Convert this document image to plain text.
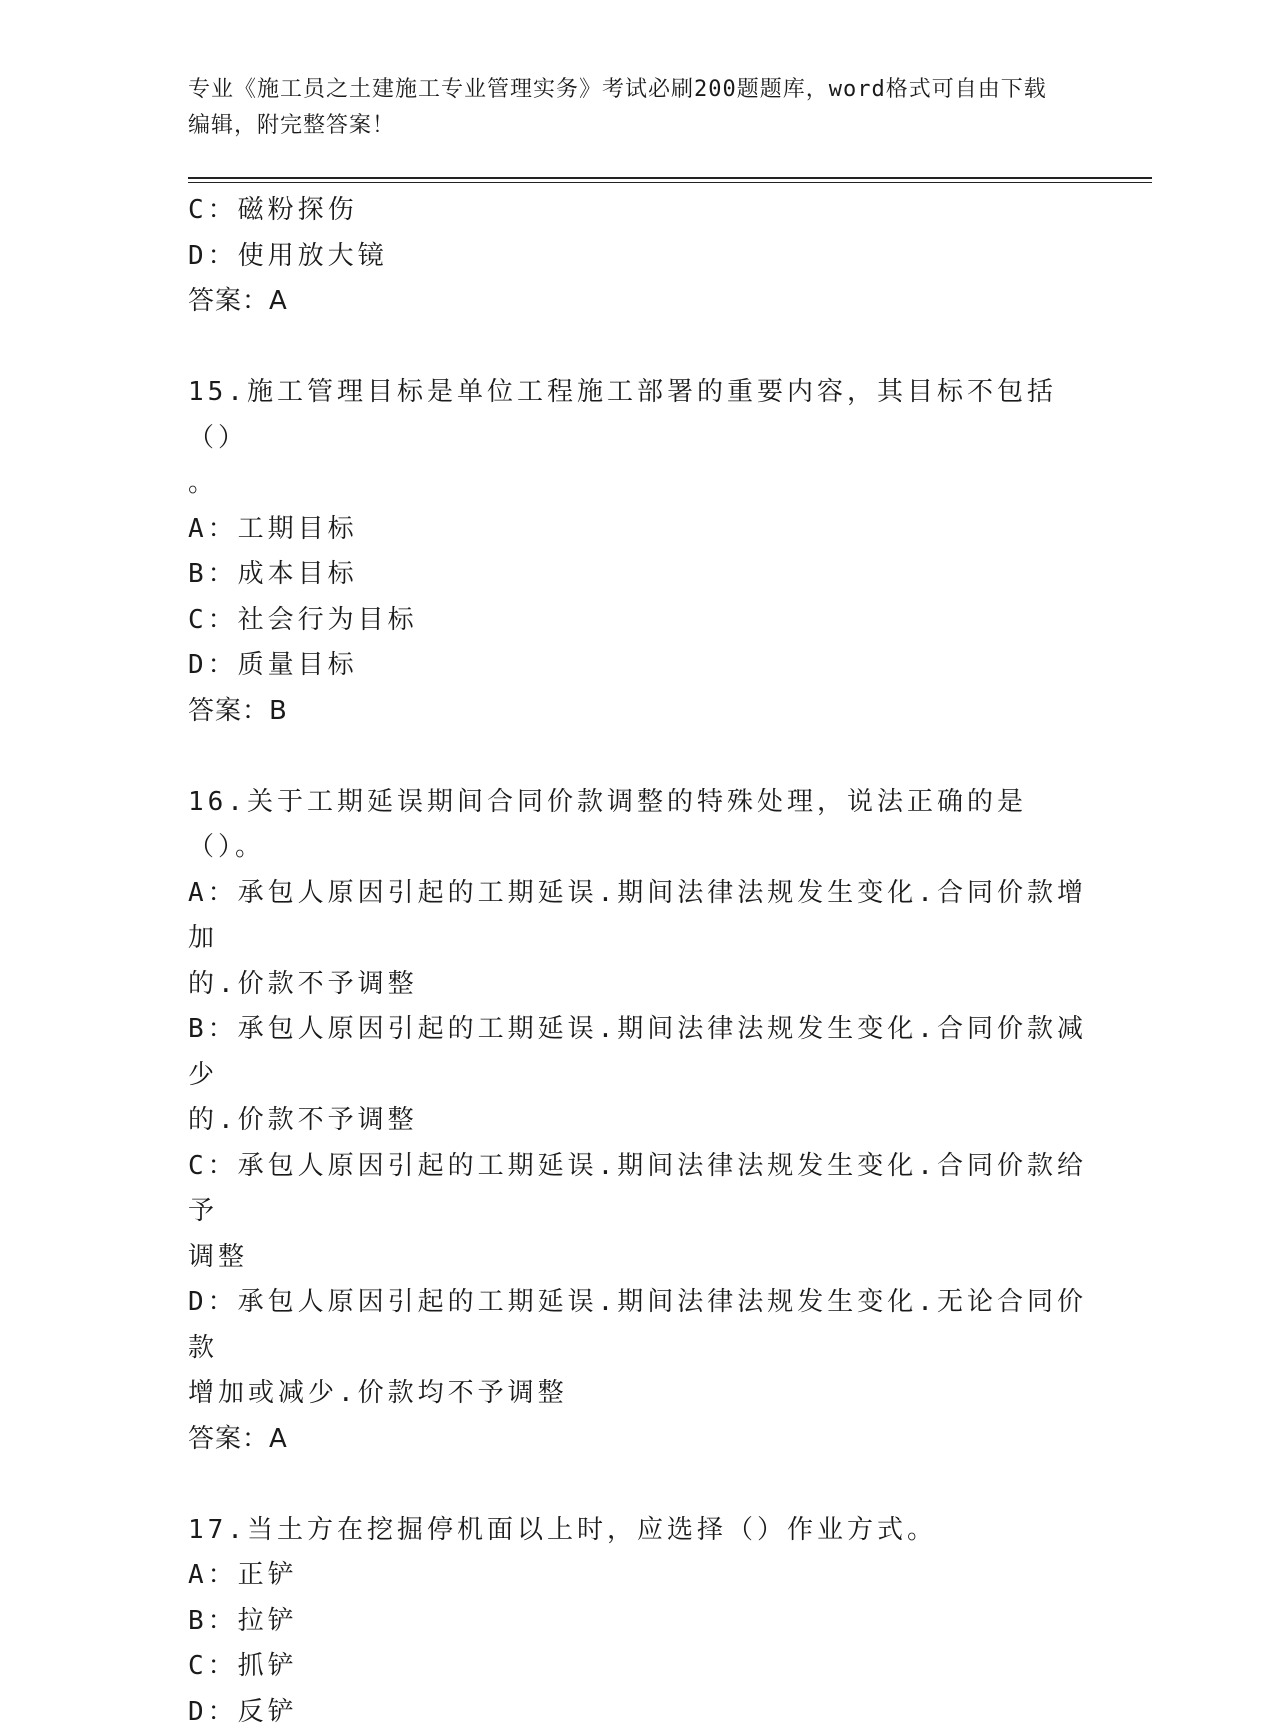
专业《施工员之土建施工专业管理实务》考试必刷200题题库，word格式可自由下载编辑，附完整答案！
C：磁粉探伤
D：使用放大镜
答案：A
15.施工管理目标是单位工程施工部署的重要内容，其目标不包括（）
。
A：工期目标
B：成本目标
C：社会行为目标
D：质量目标
答案：B
16.关于工期延误期间合同价款调整的特殊处理，说法正确的是（）。
A：承包人原因引起的工期延误.期间法律法规发生变化.合同价款增加
的.价款不予调整
B：承包人原因引起的工期延误.期间法律法规发生变化.合同价款减少
的.价款不予调整
C：承包人原因引起的工期延误.期间法律法规发生变化.合同价款给予
调整
D：承包人原因引起的工期延误.期间法律法规发生变化.无论合同价款
增加或减少.价款均不予调整
答案：A
17.当土方在挖掘停机面以上时，应选择（）作业方式。
A：正铲
B：拉铲
C：抓铲
D：反铲
